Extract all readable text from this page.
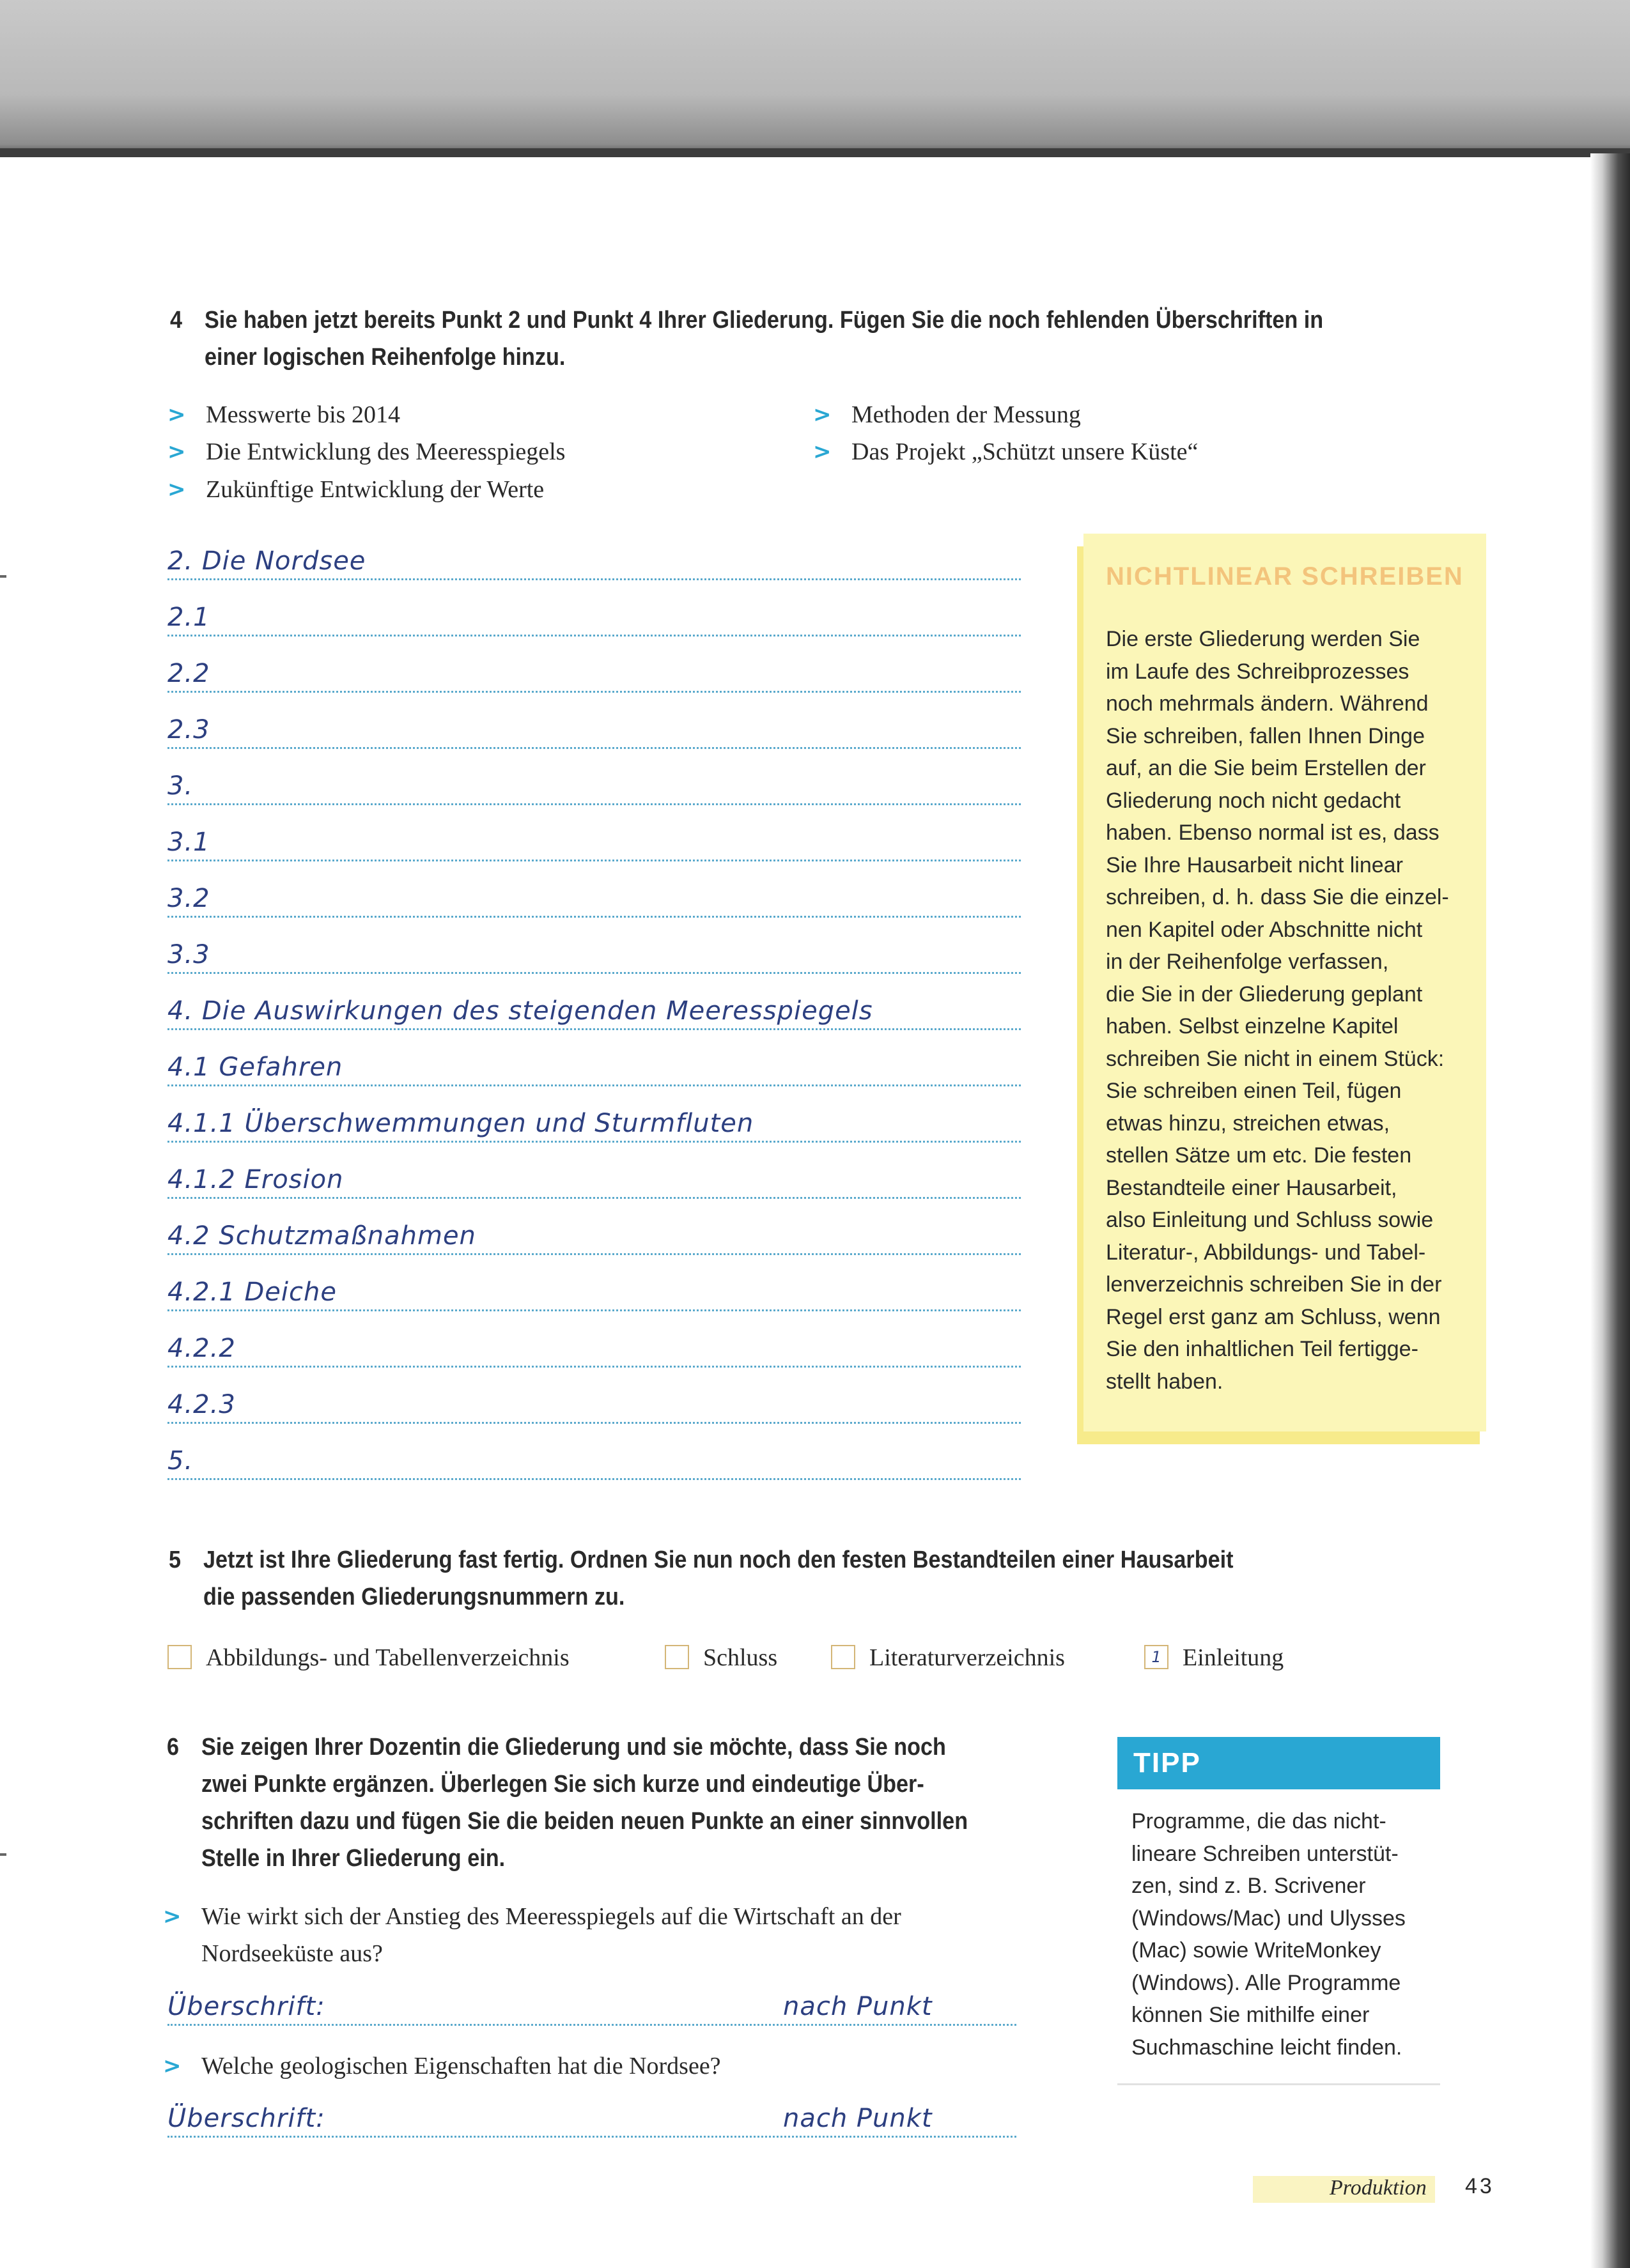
4 Sie haben jetzt bereits Punkt 2 und Punkt 4 Ihrer Gliederung. Fügen Sie die noch fehlenden Überschriften in
einer logischen Reihenfolge hinzu.
> Messwerte bis 2014
> Die Entwicklung des Meeresspiegels
> Zukünftige Entwicklung der Werte
> Methoden der Messung
> Das Projekt „Schützt unsere Küste“
2. Die Nordsee
2.1
2.2
2.3
3.
3.1
3.2
3.3
4. Die Auswirkungen des steigenden Meeresspiegels
4.1 Gefahren
4.1.1 Überschwemmungen und Sturmfluten
4.1.2 Erosion
4.2 Schutzmaßnahmen
4.2.1 Deiche
4.2.2
4.2.3
5.
NICHTLINEAR SCHREIBEN
Die erste Gliederung werden Sie
im Laufe des Schreibprozesses
noch mehrmals ändern. Während
Sie schreiben, fallen Ihnen Dinge
auf, an die Sie beim Erstellen der
Gliederung noch nicht gedacht
haben. Ebenso normal ist es, dass
Sie Ihre Hausarbeit nicht linear
schreiben, d. h. dass Sie die einzel-
nen Kapitel oder Abschnitte nicht
in der Reihenfolge verfassen,
die Sie in der Gliederung geplant
haben. Selbst einzelne Kapitel
schreiben Sie nicht in einem Stück:
Sie schreiben einen Teil, fügen
etwas hinzu, streichen etwas,
stellen Sätze um etc. Die festen
Bestandteile einer Hausarbeit,
also Einleitung und Schluss sowie
Literatur-, Abbildungs- und Tabel-
lenverzeichnis schreiben Sie in der
Regel erst ganz am Schluss, wenn
Sie den inhaltlichen Teil fertigge-
stellt haben.
5 Jetzt ist Ihre Gliederung fast fertig. Ordnen Sie nun noch den festen Bestandteilen einer Hausarbeit
die passenden Gliederungsnummern zu.
Abbildungs- und Tabellenverzeichnis	Schluss	Literaturverzeichnis	1 Einleitung
6 Sie zeigen Ihrer Dozentin die Gliederung und sie möchte, dass Sie noch
zwei Punkte ergänzen. Überlegen Sie sich kurze und eindeutige Über-
schriften dazu und fügen Sie die beiden neuen Punkte an einer sinnvollen
Stelle in Ihrer Gliederung ein.
> Wie wirkt sich der Anstieg des Meeresspiegels auf die Wirtschaft an der
Nordseeküste aus?
Überschrift:	nach Punkt
> Welche geologischen Eigenschaften hat die Nordsee?
Überschrift:	nach Punkt
TIPP
Programme, die das nicht-
lineare Schreiben unterstüt-
zen, sind z. B. Scrivener
(Windows/Mac) und Ulysses
(Mac) sowie WriteMonkey
(Windows). Alle Programme
können Sie mithilfe einer
Suchmaschine leicht finden.
Produktion 43
